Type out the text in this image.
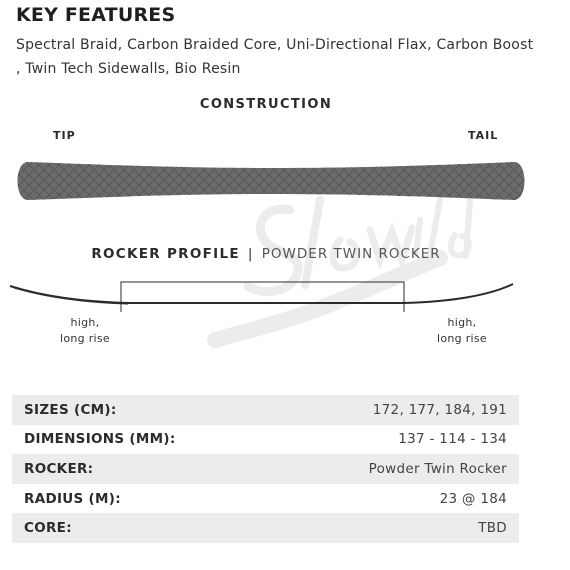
KEY FEATURES

Spectral Braid, Carbon Braided Core, Uni-Directional Flax, Carbon Boost , Twin Tech Sidewalls, Bio Resin

CONSTRUCTION
TIP	TAIL
ROCKER PROFILE | POWDER TWIN ROCKER
high,
long rise
high,
long rise
SIZES (CM):	172, 177, 184, 191
DIMENSIONS (MM):	137 - 114 - 134
ROCKER:	Powder Twin Rocker
RADIUS (M):	23 @ 184
CORE:	TBD
